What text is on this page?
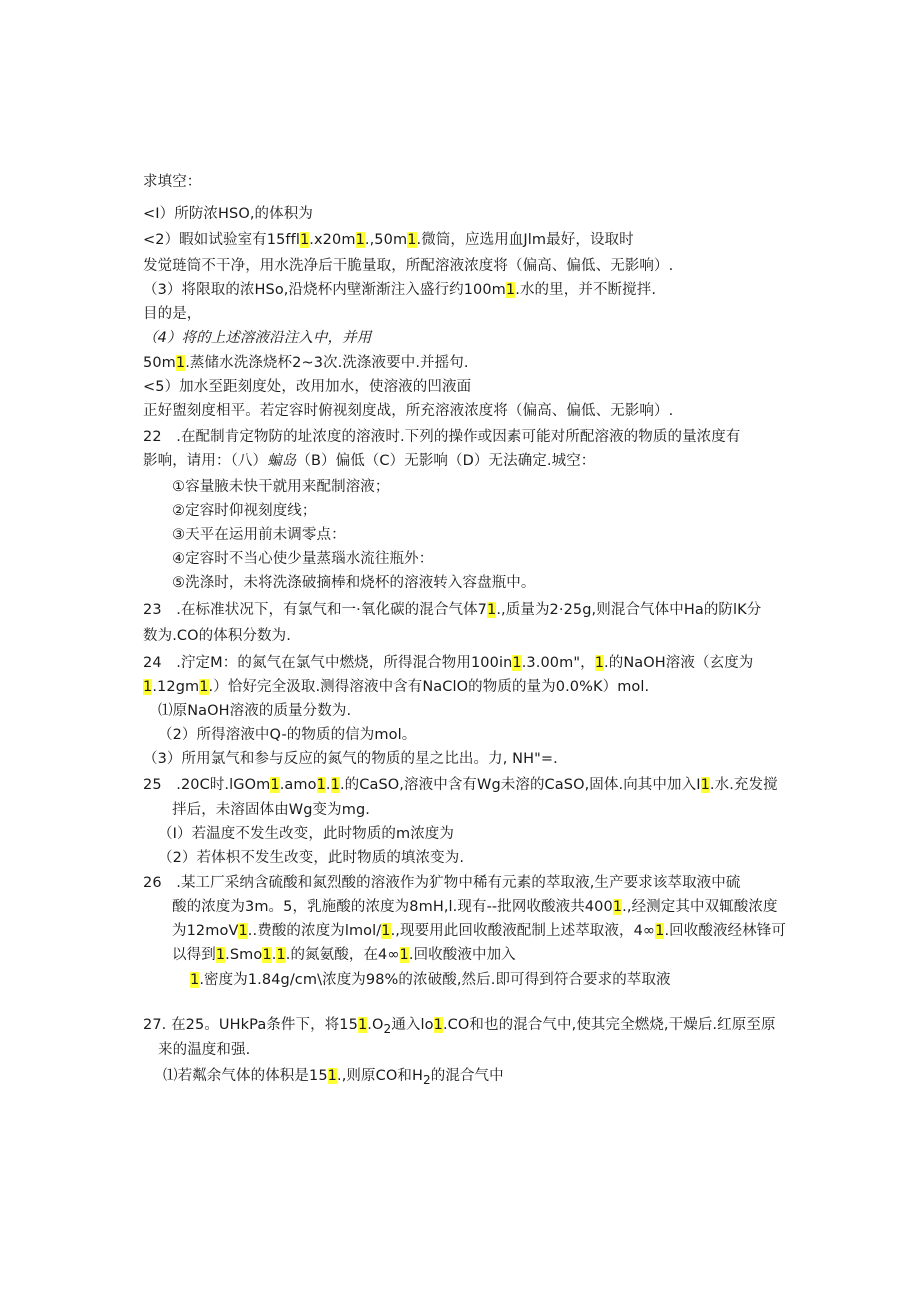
求填空：
<I）所防浓HSO,的体积为
<2）暇如试验室有15ffl1.x20m1.,50m1.微筒，应选用血Jlm最好，设取时
发觉琏筒不干净，用水洗净后干脆量取，所配溶液浓度将（偏高、偏低、无影响）.
（3）将限取的浓HSo,沿烧杯内壁渐渐注入盛行约100m1.水的里，并不断搅拌.
目的是，
（4）将的上述溶液沿注入中，并用
50m1.蒸储水洗涤烧杯2~3次.洗涤液要中.并摇句.
<5）加水至距刻度处，改用加水，使溶液的凹液面
正好盥刻度相平。若定容时俯视刻度战，所充溶液浓度将（偏高、偏低、无影响）.
22　.在配制肯定物防的址浓度的溶液时.下列的操作或因素可能对所配溶液的物质的量浓度有
影响，请用：（八）蝙岛（B）偏低（C）无影响（D）无法确定.城空：
①容量腋未快干就用来配制溶液；
②定容时仰视刻度线；
③天平在运用前未调零点：
④定容时不当心使少量蒸瑙水流往瓶外：
⑤洗涤时，未将洗涤破摘棒和烧杯的溶液转入容盘瓶中。
23　.在标准状况下，有氯气和一·氧化碳的混合气体71.,质量为2·25g,则混合气体中Ha的防lK分
数为.CO的体积分数为.
24　.泞定M：的氮气在氯气中燃烧，所得混合物用100in1.3.00m"，1.的NaOH溶液（玄度为
1.12gm1.）恰好完全汲取.测得溶液中含有NaClO的物质的量为0.0%K）mol.
⑴原NaOH溶液的质量分数为.
（2）所得溶液中Q-的物质的信为mol。
（3）所用氯气和参与反应的氮气的物质的星之比出。力, NH"=.
25　.20C时.lGOm1.amo1.1.的CaSO,溶液中含有Wg未溶的CaSO,固体.向其中加入I1.水.充发搅
拌后，未溶固体由Wg变为mg.
（I）若温度不发生改变，此时物质的m浓度为
（2）若体枳不发生改变，此时物质的填浓变为.
26　.某工厂采纳含硫酸和氮烈酸的溶液作为犷物中稀有元素的萃取液,生产要求该萃取液中硫
酸的浓度为3m。5，乳施酸的浓度为8mH,l.现有--批网收酸液共4001.,经测定其中双辄酸浓度
为12moV1..费酸的浓度为lmol/1.,现要用此回收酸液配制上述萃取液，4∞1.回收酸液经林锋可
以得到1.Smo1.1.的氮氨酸，在4∞1.回收酸液中加入
1.密度为1.84g∕cm\浓度为98%的浓破酸,然后.即可得到符合要求的萃取液
27. 在25。UHkPa条件下，将$151.O_2$通入lo1.CO和也的混合气中,使其完全燃烧,干燥后.红原至原
来的温度和强.
⑴若粼余气体的体积是151.,则原CO和$H_2$的混合气中
